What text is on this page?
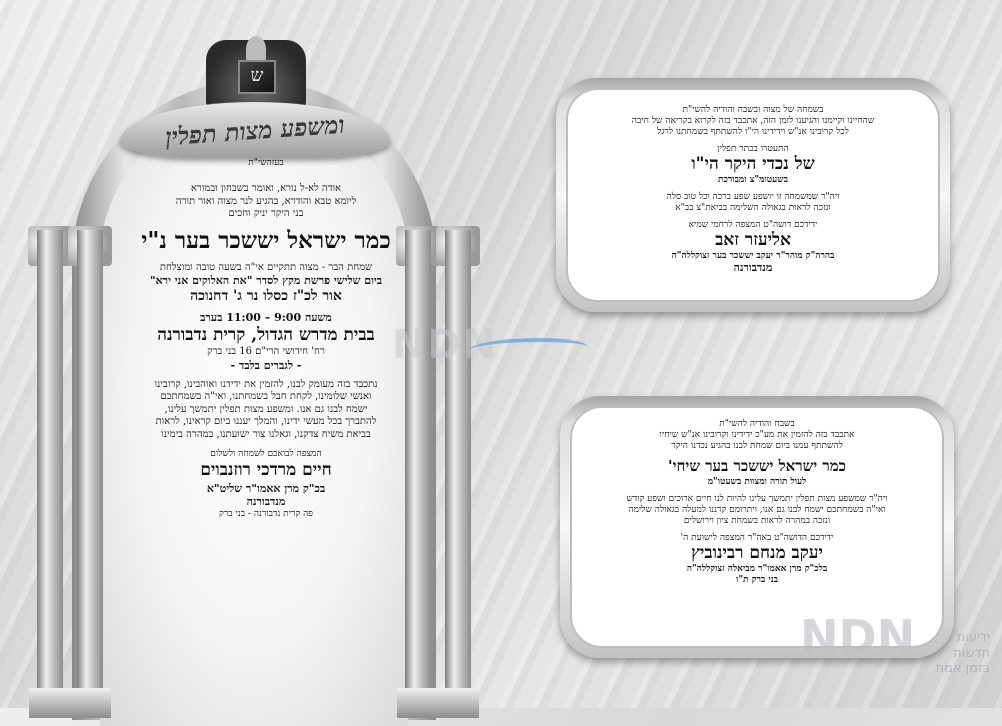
ש
ומשפע מצות תפלין
בעזהשי"ת
אודה לא-ל נורא, ואומר בשבחון ובמורא
ליומא טבא והודרא, בהגיע לנר מצוה ואור תורה
בני היקר יניק וחכים
כמר ישראל יששכר בער נ"י
שמחת הבר - מצוה תתקיים אי"ה בשעה טובה ומוצלחת
ביום שלישי פרשת מקץ לסדר "את האלוקים אני ירא"
אור לכ"ז כסלו נר ג' דחנוכה
משעה 9:00 – 11:00 בערב
בבית מדרש הגדול, קרית נדבורנה
רח' חידושי הרי"ם 16 בני ברק
- לגברים בלבד -
נתכבד בזה מעומק לבנו, להזמין את ידידנו ואוהבינו, קרובינו
ואנשי שלומינו, לקחת חבל בשמחתנו, ואי"ה בשמחתכם
ישמח לבנו גם אנו. ומשפע מצות תפלין יתמשך עלינו,
להתברך בכל מעשי ידינו, והמלך יעננו ביום קראינו, לראות
בביאת משיח צדקנו, וגאלנו צור ישועתנו, במהרה בימינו
המצפה לבואכם לשמחה ולשלום
חיים מרדכי רוזנבוים
בכ"ק מרן אאמו"ר שליט"א
מנדבורנה
פה קרית נדבורנה - בני ברק
בשמחה של מצוה ובשבח והודיה להשי"ת
שהחיינו וקיימנו והגיענו לזמן הזה, אתכבד בזה לקרוא בקריאה של חיבה
לכל קרובינו אנ"ש וידידינו הי"ו להשתתף בשמחתנו לרגל
התעטרו בכתר תפלין
של נכדי היקר הי"ו
בשעטומ"צ ומבורכת
ויה"ר שמשמחה זו יושפע שפע ברכה וכל טוב סלה
ונזכה לראות בגאולה השלימה בביאת"צ בב"א
ידידכם דושה"ט המצפה לרחמי שמיא
אליעזר זאב
בהרה"ק מוהר"ר יעקב יששכר בער זצוקללה"ה
מנדבורנה
בשבח והודיה להשי"ת
אתכבד בזה להזמין את מע"כ ידידינו וקרובינו אנ"ש שיחיו
להשתתף עמנו ביום שמחת לבנו בהגיע נכדנו היקר
כמר ישראל יששכר בער שיחי'
לעול תורה ומצוות בשעטו"מ
ויה"ר שמשפע מצות תפלין יתמשך עלינו להיות לנו חיים ארוכים ושפע קודש
ואי"ה בשמחתכם ישמח לבנו גם אנו, ויתרומם קרננו למעלה בגאולה שלימה
ונזכה במהרה לראות בשמחת ציון וירושלים
ידידכם הדושה"ט באה"ר המצפה לישועת ה'
יעקב מנחם רבינוביץ
בלכ"ק מרן אאמו"ר מביאלה זצוקללה"ה
בני ברק ת"ו
NDN
NDN	ידיעות
חדשות
בזמן אמת
